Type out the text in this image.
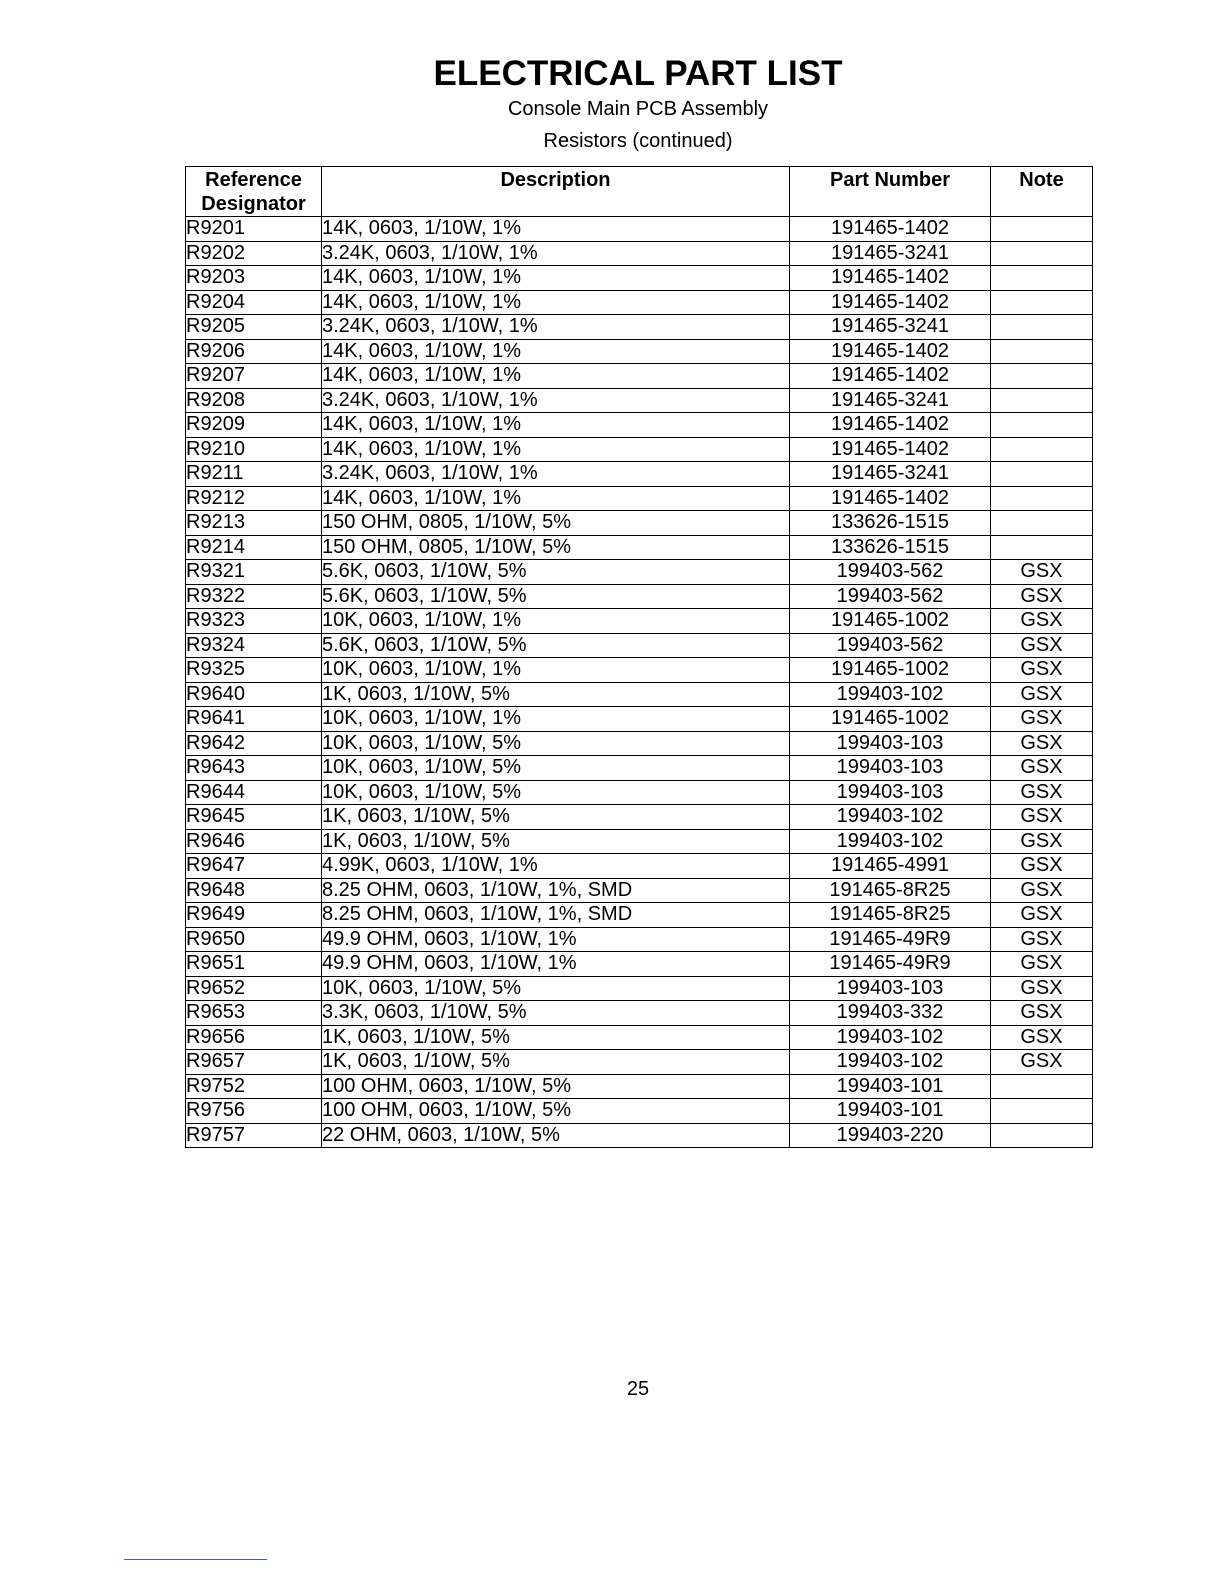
ELECTRICAL PART LIST
Console Main PCB Assembly
Resistors (continued)
Reference
Designator	Description	Part Number	Note
R9201	14K, 0603, 1/10W, 1%	191465-1402	
R9202	3.24K, 0603, 1/10W, 1%	191465-3241	
R9203	14K, 0603, 1/10W, 1%	191465-1402	
R9204	14K, 0603, 1/10W, 1%	191465-1402	
R9205	3.24K, 0603, 1/10W, 1%	191465-3241	
R9206	14K, 0603, 1/10W, 1%	191465-1402	
R9207	14K, 0603, 1/10W, 1%	191465-1402	
R9208	3.24K, 0603, 1/10W, 1%	191465-3241	
R9209	14K, 0603, 1/10W, 1%	191465-1402	
R9210	14K, 0603, 1/10W, 1%	191465-1402	
R9211	3.24K, 0603, 1/10W, 1%	191465-3241	
R9212	14K, 0603, 1/10W, 1%	191465-1402	
R9213	150 OHM, 0805, 1/10W, 5%	133626-1515	
R9214	150 OHM, 0805, 1/10W, 5%	133626-1515	
R9321	5.6K, 0603, 1/10W, 5%	199403-562	GSX
R9322	5.6K, 0603, 1/10W, 5%	199403-562	GSX
R9323	10K, 0603, 1/10W, 1%	191465-1002	GSX
R9324	5.6K, 0603, 1/10W, 5%	199403-562	GSX
R9325	10K, 0603, 1/10W, 1%	191465-1002	GSX
R9640	1K, 0603, 1/10W, 5%	199403-102	GSX
R9641	10K, 0603, 1/10W, 1%	191465-1002	GSX
R9642	10K, 0603, 1/10W, 5%	199403-103	GSX
R9643	10K, 0603, 1/10W, 5%	199403-103	GSX
R9644	10K, 0603, 1/10W, 5%	199403-103	GSX
R9645	1K, 0603, 1/10W, 5%	199403-102	GSX
R9646	1K, 0603, 1/10W, 5%	199403-102	GSX
R9647	4.99K, 0603, 1/10W, 1%	191465-4991	GSX
R9648	8.25 OHM, 0603, 1/10W, 1%, SMD	191465-8R25	GSX
R9649	8.25 OHM, 0603, 1/10W, 1%, SMD	191465-8R25	GSX
R9650	49.9 OHM, 0603, 1/10W, 1%	191465-49R9	GSX
R9651	49.9 OHM, 0603, 1/10W, 1%	191465-49R9	GSX
R9652	10K, 0603, 1/10W, 5%	199403-103	GSX
R9653	3.3K, 0603, 1/10W, 5%	199403-332	GSX
R9656	1K, 0603, 1/10W, 5%	199403-102	GSX
R9657	1K, 0603, 1/10W, 5%	199403-102	GSX
R9752	100 OHM, 0603, 1/10W, 5%	199403-101	
R9756	100 OHM, 0603, 1/10W, 5%	199403-101	
R9757	22 OHM, 0603, 1/10W, 5%	199403-220	
25
